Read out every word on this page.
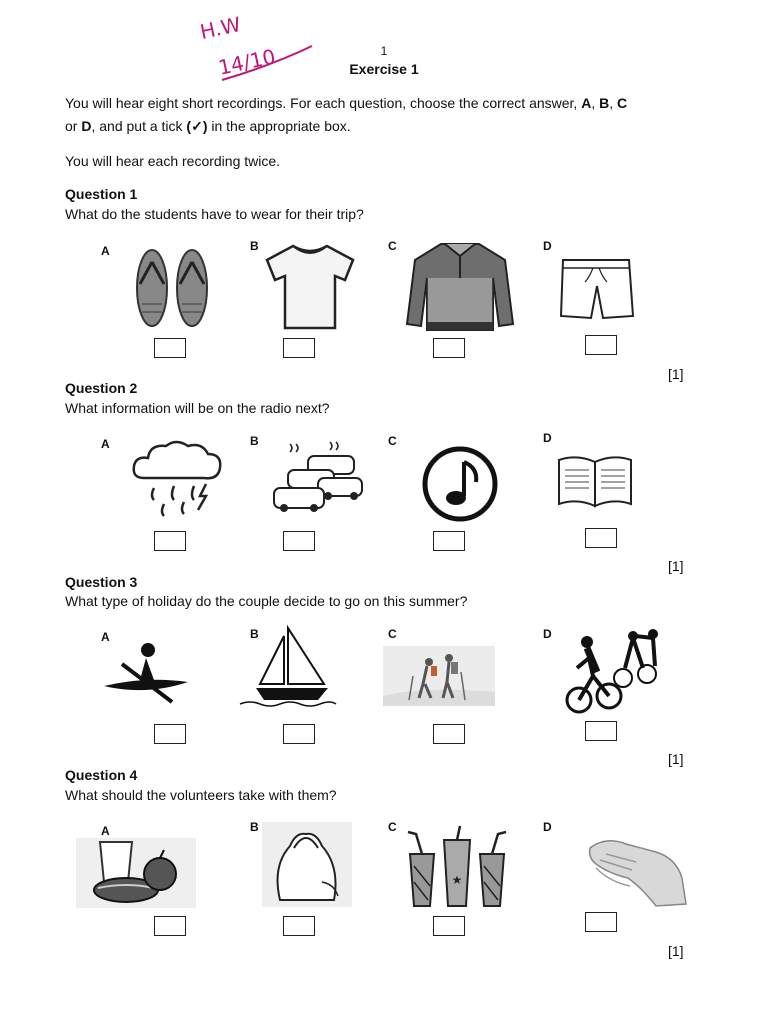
H.W
14/10	1
Exercise 1
You will hear eight short recordings. For each question, choose the correct answer, A, B, C
or D, and put a tick (✓) in the appropriate box.
You will hear each recording twice.
Question 1
What do the students have to wear for their trip?
A	B	C	D
[1]
Question 2
What information will be on the radio next?
A	B	C	D
[1]
Question 3
What type of holiday do the couple decide to go on this summer?
A	B	C	D
[1]
Question 4
What should the volunteers take with them?
A	B	C	D
★
[1]
